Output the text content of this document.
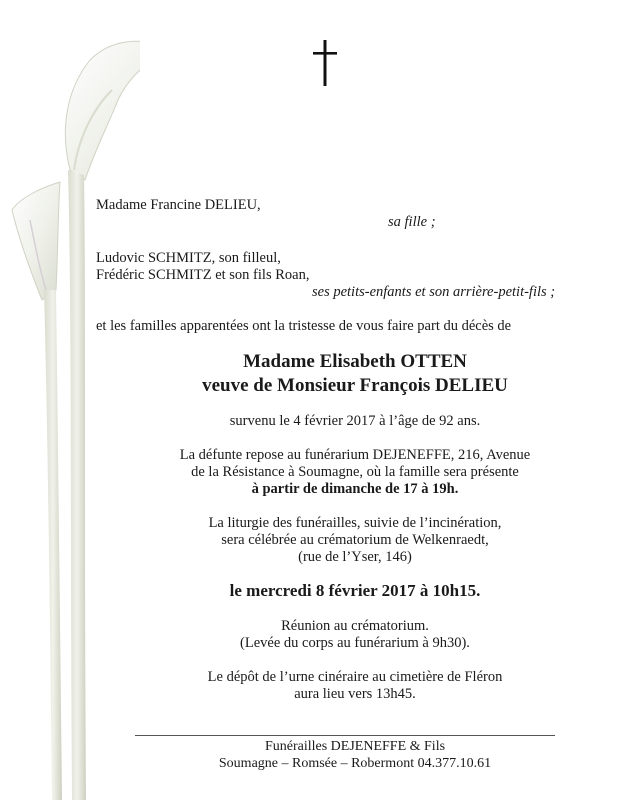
Madame Francine DELIEU,
sa fille ;
Ludovic SCHMITZ, son filleul,
Frédéric SCHMITZ et son fils Roan,
ses petits-enfants et son arrière-petit-fils ;
et les familles apparentées ont la tristesse de vous faire part du décès de
Madame Elisabeth OTTEN
veuve de Monsieur François DELIEU
survenu le 4 février 2017 à l’âge de 92 ans.
La défunte repose au funérarium DEJENEFFE, 216, Avenue
de la Résistance à Soumagne, où la famille sera présente
à partir de dimanche de 17 à 19h.
La liturgie des funérailles, suivie de l’incinération,
sera célébrée au crématorium de Welkenraedt,
(rue de l’Yser, 146)
le mercredi 8 février 2017 à 10h15.
Réunion au crématorium.
(Levée du corps au funérarium à 9h30).
Le dépôt de l’urne cinéraire au cimetière de Fléron
aura lieu vers 13h45.
Funérailles DEJENEFFE & Fils
Soumagne – Romsée – Robermont 04.377.10.61
